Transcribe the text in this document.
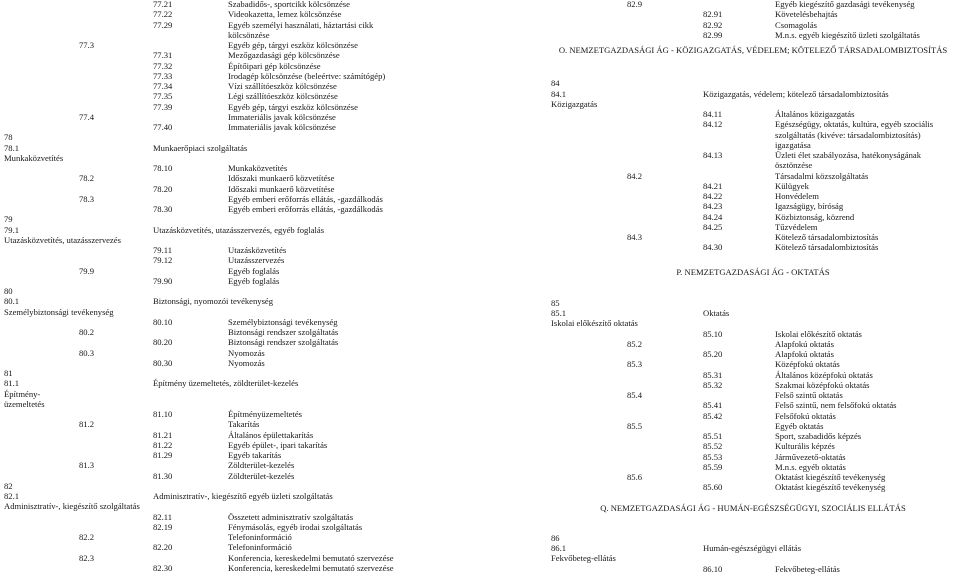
77.21	Szabadidős-, sportcikk kölcsönzése
77.22	Videokazetta, lemez kölcsönzése
77.29	Egyéb személyi használati, háztartási cikk
kölcsönzése
77.3	Egyéb gép, tárgyi eszköz kölcsönzése
77.31	Mezőgazdasági gép kölcsönzése
77.32	Építőipari gép kölcsönzése
77.33	Irodagép kölcsönzése (beleértve: számítógép)
77.34	Vízi szállítóeszköz kölcsönzése
77.35	Légi szállítóeszköz kölcsönzése
77.39	Egyéb gép, tárgyi eszköz kölcsönzése
77.4	Immateriális javak kölcsönzése
77.40	Immateriális javak kölcsönzése
78
78.1	Munkaerőpiaci szolgáltatás
Munkaközvetítés
78.10	Munkaközvetítés
78.2	Időszaki munkaerő közvetítése
78.20	Időszaki munkaerő közvetítése
78.3	Egyéb emberi erőforrás ellátás, -gazdálkodás
78.30	Egyéb emberi erőforrás ellátás, -gazdálkodás
79
79.1	Utazásközvetítés, utazásszervezés, egyéb foglalás
Utazásközvetítés, utazásszervezés
79.11	Utazásközvetítés
79.12	Utazásszervezés
79.9	Egyéb foglalás
79.90	Egyéb foglalás
80
80.1	Biztonsági, nyomozói tevékenység
Személybiztonsági tevékenység
80.10	Személybiztonsági tevékenység
80.2	Biztonsági rendszer szolgáltatás
80.20	Biztonsági rendszer szolgáltatás
80.3	Nyomozás
80.30	Nyomozás
81
81.1	Építmény üzemeltetés, zöldterület-kezelés
Építmény-
üzemeltetés
81.10	Építményüzemeltetés
81.2	Takarítás
81.21	Általános épülettakarítás
81.22	Egyéb épület-, ipari takarítás
81.29	Egyéb takarítás
81.3	Zöldterület-kezelés
81.30	Zöldterület-kezelés
82
82.1	Adminisztratív-, kiegészítő egyéb üzleti szolgáltatás
Adminisztratív-, kiegészítő szolgáltatás
82.11	Összetett adminisztratív szolgáltatás
82.19	Fénymásolás, egyéb irodai szolgáltatás
82.2	Telefoninformáció
82.20	Telefoninformáció
82.3	Konferencia, kereskedelmi bemutató szervezése
82.30	Konferencia, kereskedelmi bemutató szervezése
82.9	Egyéb kiegészítő gazdasági tevékenység
82.91	Követelésbehajtás
82.92	Csomagolás
82.99	M.n.s. egyéb kiegészítő üzleti szolgáltatás
O. NEMZETGAZDASÁGI ÁG - KÖZIGAZGATÁS, VÉDELEM; KÖTELEZŐ TÁRSADALOMBIZTOSÍTÁS
84
84.1	Közigazgatás, védelem; kötelező társadalombiztosítás
Közigazgatás
84.11	Általános közigazgatás
84.12	Egészségügy, oktatás, kultúra, egyéb szociális
szolgáltatás (kivéve: társadalombiztosítás)
igazgatása
84.13	Üzleti élet szabályozása, hatékonyságának
ösztönzése
84.2	Társadalmi közszolgáltatás
84.21	Külügyek
84.22	Honvédelem
84.23	Igazságügy, bíróság
84.24	Közbiztonság, közrend
84.25	Tűzvédelem
84.3	Kötelező társadalombiztosítás
84.30	Kötelező társadalombiztosítás
P. NEMZETGAZDASÁGI ÁG - OKTATÁS
85
85.1	Oktatás
Iskolai előkészítő oktatás
85.10	Iskolai előkészítő oktatás
85.2	Alapfokú oktatás
85.20	Alapfokú oktatás
85.3	Középfokú oktatás
85.31	Általános középfokú oktatás
85.32	Szakmai középfokú oktatás
85.4	Felső szintű oktatás
85.41	Felső szintű, nem felsőfokú oktatás
85.42	Felsőfokú oktatás
85.5	Egyéb oktatás
85.51	Sport, szabadidős képzés
85.52	Kulturális képzés
85.53	Járművezető-oktatás
85.59	M.n.s. egyéb oktatás
85.6	Oktatást kiegészítő tevékenység
85.60	Oktatást kiegészítő tevékenység
Q. NEMZETGAZDASÁGI ÁG - HUMÁN-EGÉSZSÉGÜGYI, SZOCIÁLIS ELLÁTÁS
86
86.1	Humán-egészségügyi ellátás
Fekvőbeteg-ellátás
86.10	Fekvőbeteg-ellátás
